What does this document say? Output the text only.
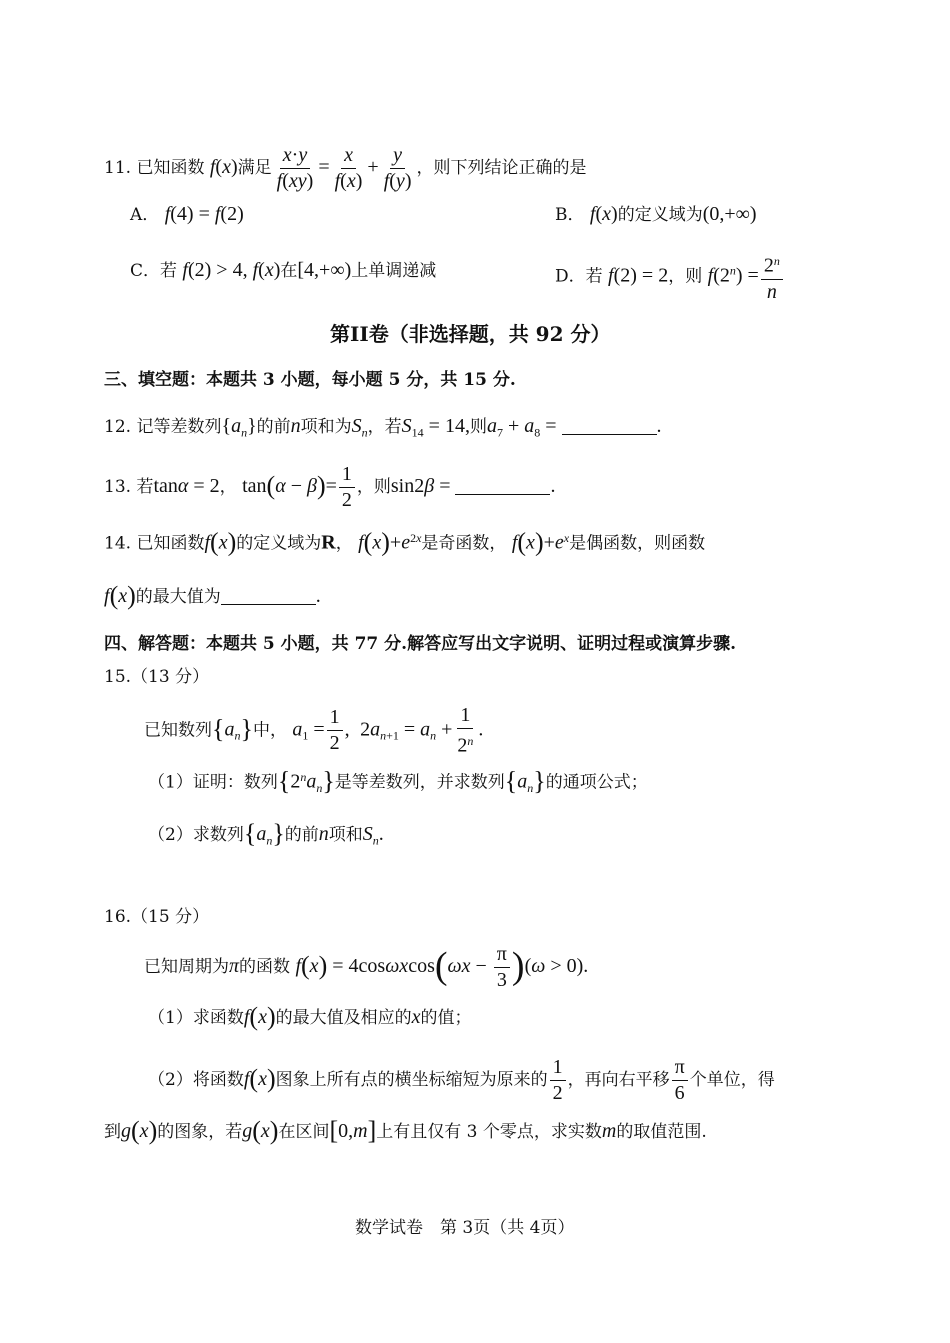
11. 已知函数 f(x)满足 $\frac{x\cdot y}{f(xy)} = \frac{x}{f(x)} + \frac{y}{f(y)}$ ，则下列结论正确的是
A． f(4) = f(2)	B． f(x)的定义域为(0,+∞)
C．若 f(2) > 4, f(x)在[4,+∞)上单调递减	D．若 f(2) = 2，则 $f(2^n) = \frac{2^n}{n}$
第II卷（非选择题，共 92 分）
三、填空题：本题共 3 小题，每小题 5 分，共 15 分.
12. 记等差数列$\{a_n\}$的前n项和为$S_n$，若$S_{14} = 14$,则$a_7 + a_8$ =	.
13. 若tanα = 2， $\tan(\alpha - \beta)= \frac{1}{2}$ ，则sin2β =	.
14. 已知函数f(x)的定义域为R， $f(x)+e^{2x}$是奇函数， $f(x)+e^x$是偶函数，则函数
f(x)的最大值为	.
四、解答题：本题共 5 小题，共 77 分.解答应写出文字说明、证明过程或演算步骤.
15.（13 分）
已知数列$\{a_n\}$中， $a_1 = \frac{1}{2}$ ,  $2a_{n+1} = a_n + \frac{1}{2^n}$ .
（1）证明：数列$\{2^na_n\}$是等差数列，并求数列$\{a_n\}$的通项公式；
（2）求数列$\{a_n\}$的前n项和$S_n$.
16.（15 分）
已知周期为π的函数 $f(x) = 4\cos\omega xcos(\omega x - \frac{\pi}{3} )(\omega > 0)$.
（1）求函数f(x)的最大值及相应的x的值；
（2）将函数f(x)图象上所有点的横坐标缩短为原来的 $\frac{1}{2}$ ，再向右平移 $\frac{\pi}{6}$ 个单位，得
到g(x)的图象，若g(x)在区间[0,m]上有且仅有 3 个零点，求实数m的取值范围.
数学试卷　第 3页（共 4页）
